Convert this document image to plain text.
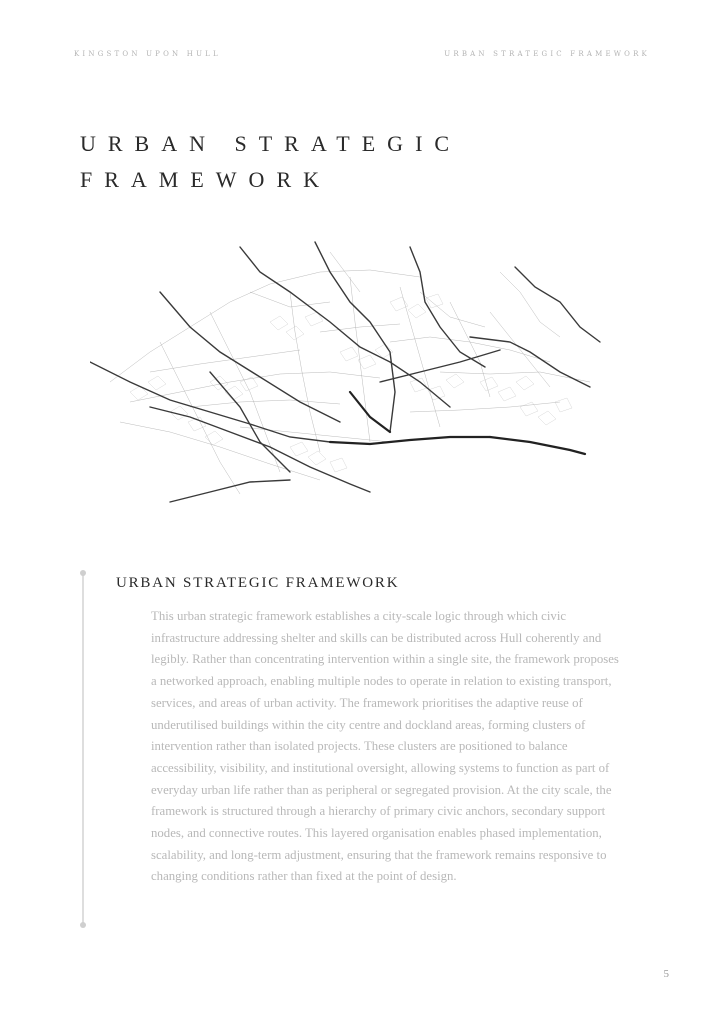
KINGSTON UPON HULL	URBAN STRATEGIC FRAMEWORK
URBAN STRATEGIC
FRAMEWORK
URBAN STRATEGIC FRAMEWORK

This urban strategic framework establishes a city-scale logic through which civic infrastructure addressing shelter and skills can be distributed across Hull coherently and legibly. Rather than concentrating intervention within a single site, the framework proposes a networked approach, enabling multiple nodes to operate in relation to existing transport, services, and areas of urban activity. The framework prioritises the adaptive reuse of underutilised buildings within the city centre and dockland areas, forming clusters of intervention rather than isolated projects. These clusters are positioned to balance accessibility, visibility, and institutional oversight, allowing systems to function as part of everyday urban life rather than as peripheral or segregated provision. At the city scale, the framework is structured through a hierarchy of primary civic anchors, secondary support nodes, and connective routes. This layered organisation enables phased implementation, scalability, and long-term adjustment, ensuring that the framework remains responsive to changing conditions rather than fixed at the point of design.

5
